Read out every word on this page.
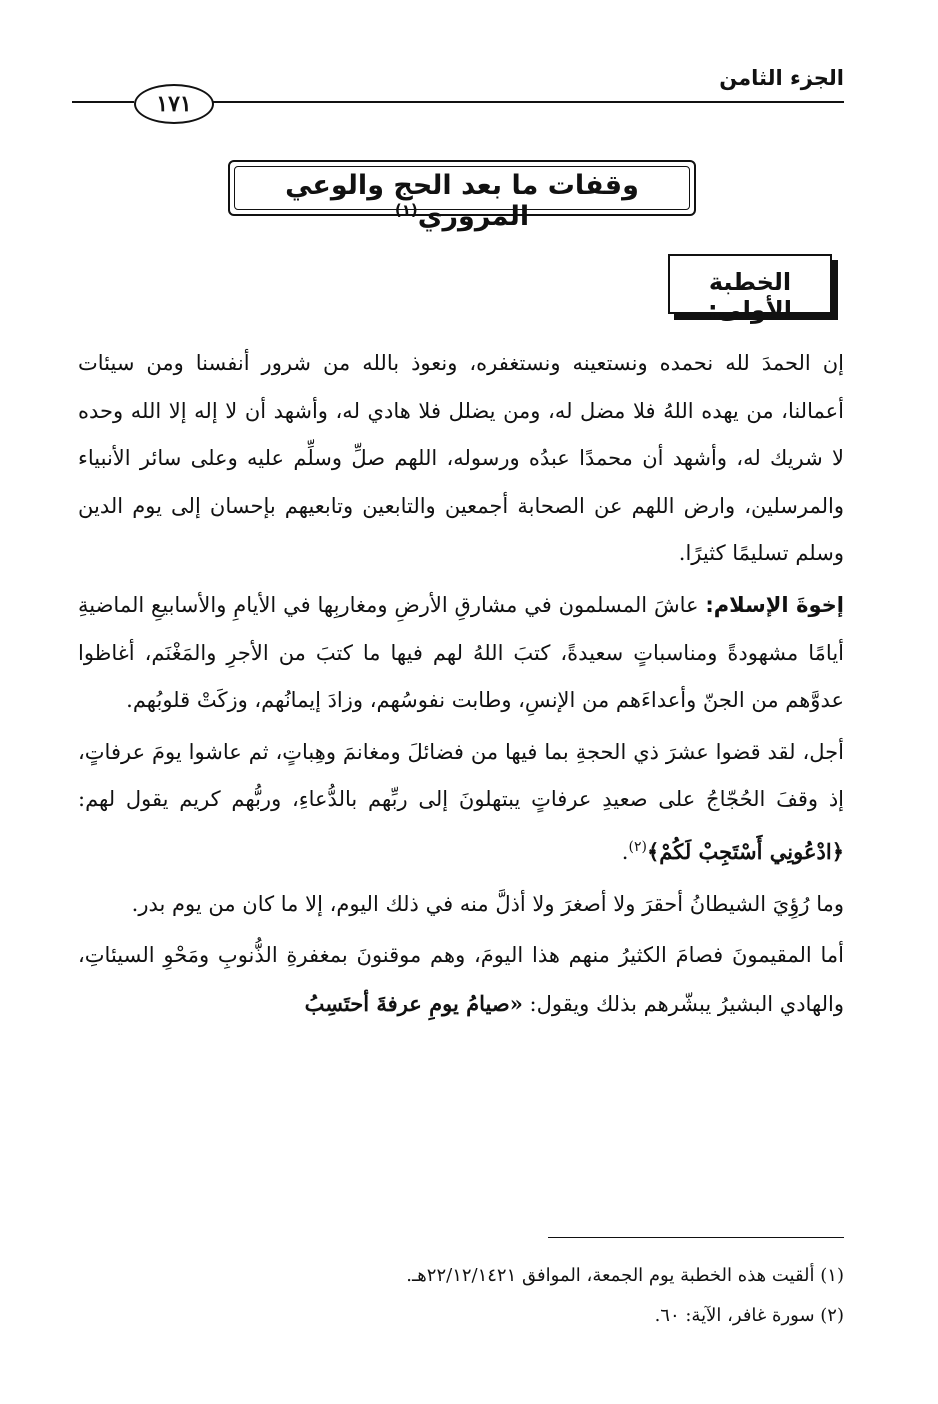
الجزء الثامن
١٧١
وقفات ما بعد الحج والوعي المروري$^{(١)}$
الخطبة الأولى:

إن الحمدَ لله نحمده ونستعينه ونستغفره، ونعوذ بالله من شرور أنفسنا ومن سيئات أعمالنا، من يهده اللهُ فلا مضل له، ومن يضلل فلا هادي له، وأشهد أن لا إله إلا الله وحده لا شريك له، وأشهد أن محمدًا عبدُه ورسوله، اللهم صلِّ وسلِّم عليه وعلى سائر الأنبياء والمرسلين، وارض اللهم عن الصحابة أجمعين والتابعين وتابعيهم بإحسان إلى يوم الدين وسلم تسليمًا كثيرًا.

إخوةَ الإسلام: عاشَ المسلمون في مشارقِ الأرضِ ومغاربِها في الأيامِ والأسابيعِ الماضيةِ أيامًا مشهودةً ومناسباتٍ سعيدةً، كتبَ اللهُ لهم فيها ما كتبَ من الأجرِ والمَغْنَم، أغاظوا عدوَّهم من الجنّ وأعداءَهم من الإنسِ، وطابت نفوسُهم، وزادَ إيمانُهم، وزكَتْ قلوبُهم.

أجل، لقد قضوا عشرَ ذي الحجةِ بما فيها من فضائلَ ومغانمَ وهِباتٍ، ثم عاشوا يومَ عرفاتٍ، إذ وقفَ الحُجّاجُ على صعيدِ عرفاتٍ يبتهلونَ إلى ربِّهم بالدُّعاءِ، وربُّهم كريم يقول لهم: ﴿ادْعُونِي أَسْتَجِبْ لَكُمْ﴾$^{(٢)}$.

وما رُؤِيَ الشيطانُ أحقرَ ولا أصغرَ ولا أذلَّ منه في ذلك اليوم، إلا ما كان من يوم بدر.

أما المقيمونَ فصامَ الكثيرُ منهم هذا اليومَ، وهم موقنونَ بمغفرةِ الذُّنوبِ ومَحْوِ السيئاتِ، والهادي البشيرُ يبشّرهم بذلك ويقول: «صيامُ يومِ عرفةَ أحتَسِبُ

(١) ألقيت هذه الخطبة يوم الجمعة، الموافق ٢٢/١٢/١٤٢١هـ.
(٢) سورة غافر، الآية: ٦٠.
